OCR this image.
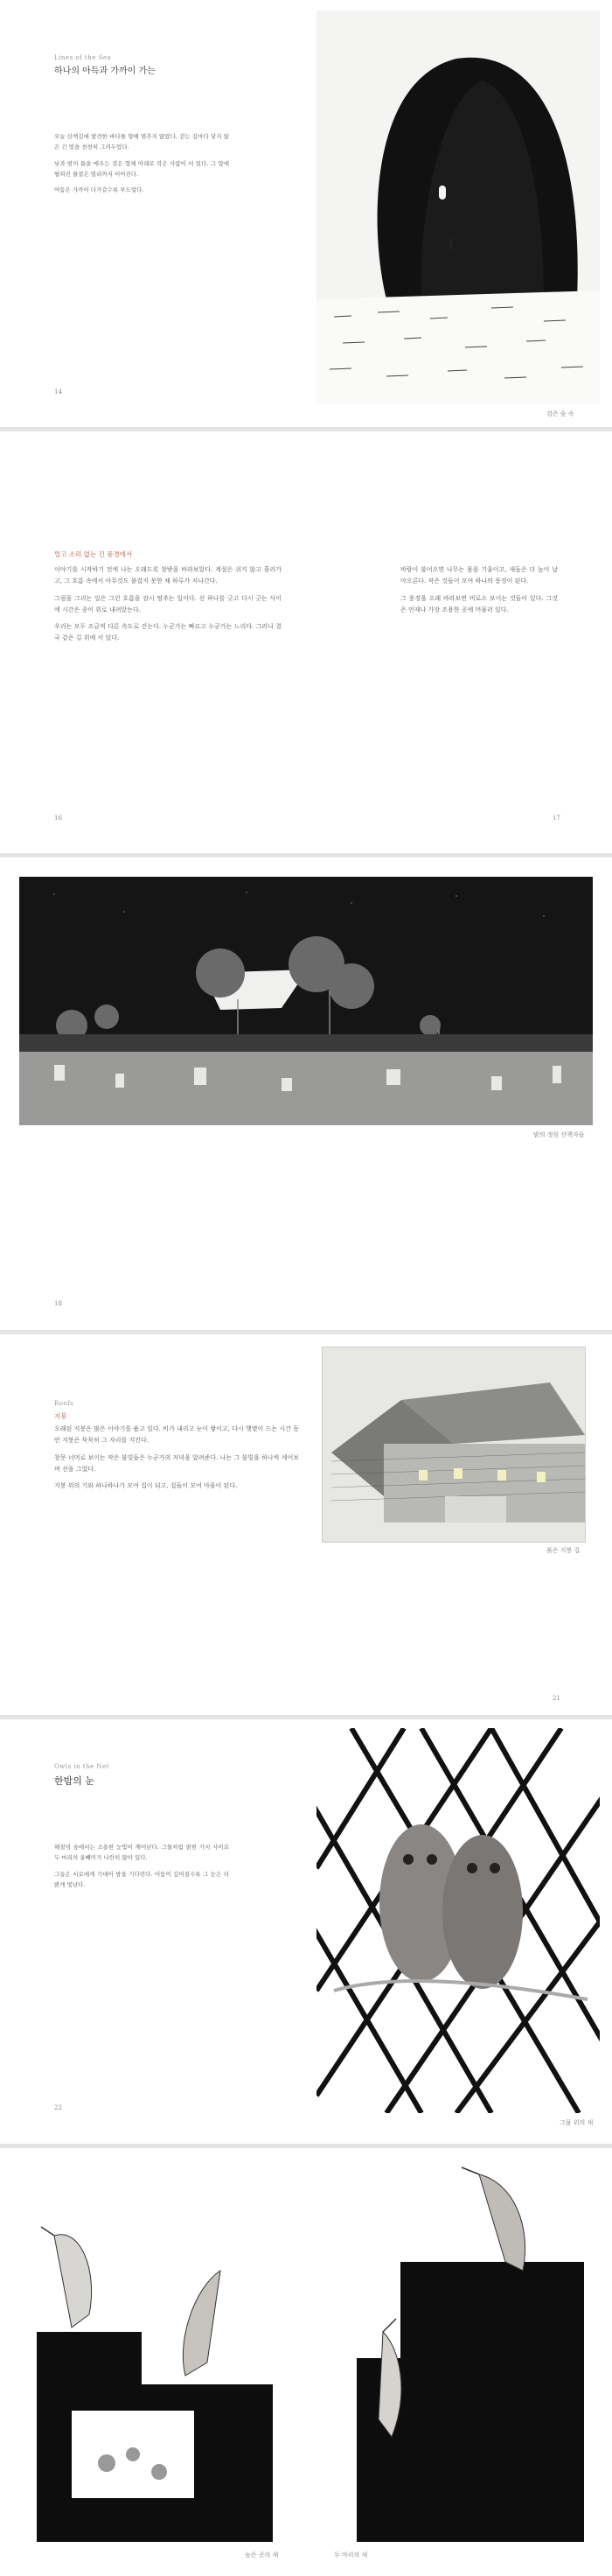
Lines of the Sea
하나의 아득과 가까이 가는

오늘 산책길에 발견한 바다를 향해 멈추지 않았다. 걷는 길마다 닿지 않은 긴 빛을 천천히 그려두었다.

낮과 밤의 틈을 메우는 검은 형체 아래로 작은 사람이 서 있다. 그 앞에 펼쳐진 물결은 멀리까지 이어진다.

어둠은 가까이 다가갈수록 부드럽다.

14
검은 숲 속
멀고 소리 없는 긴 풍경에서

이야기를 시작하기 전에 나는 오래도록 창밖을 바라보았다. 계절은 쉬지 않고 흘러가고, 그 흐름 속에서 아무것도 붙잡지 못한 채 하루가 지나간다.

그림을 그리는 일은 그런 흐름을 잠시 멈추는 일이다. 선 하나를 긋고 다시 긋는 사이에 시간은 종이 위로 내려앉는다.

우리는 모두 조금씩 다른 속도로 걷는다. 누군가는 빠르고 누군가는 느리다. 그러나 결국 같은 길 위에 서 있다.

바람이 불어오면 나무는 몸을 기울이고, 새들은 더 높이 날아오른다. 작은 것들이 모여 하나의 풍경이 된다.

그 풍경을 오래 바라보면 비로소 보이는 것들이 있다. 그것은 언제나 가장 조용한 곳에 머물러 있다.

16	17
밤의 정원 산책자들
18
Roofs
지붕

오래된 지붕은 많은 이야기를 품고 있다. 비가 내리고 눈이 쌓이고, 다시 햇볕이 드는 시간 동안 지붕은 묵묵히 그 자리를 지킨다.

창문 너머로 보이는 작은 불빛들은 누군가의 저녁을 알려준다. 나는 그 불빛을 하나씩 세어보며 선을 그었다.

지붕 위의 기와 하나하나가 모여 집이 되고, 집들이 모여 마을이 된다.

붉은 지붕 집
21
Owls in the Net
한밤의 눈

해질녘 숲에서는 조용한 눈빛이 깨어난다. 그물처럼 얽힌 가지 사이로 두 마리의 올빼미가 나란히 앉아 있다.

그들은 서로에게 기대어 밤을 기다린다. 어둠이 깊어질수록 그 눈은 더 밝게 빛난다.

22
그물 위의 새
높은 곳의 새	두 마리의 새
